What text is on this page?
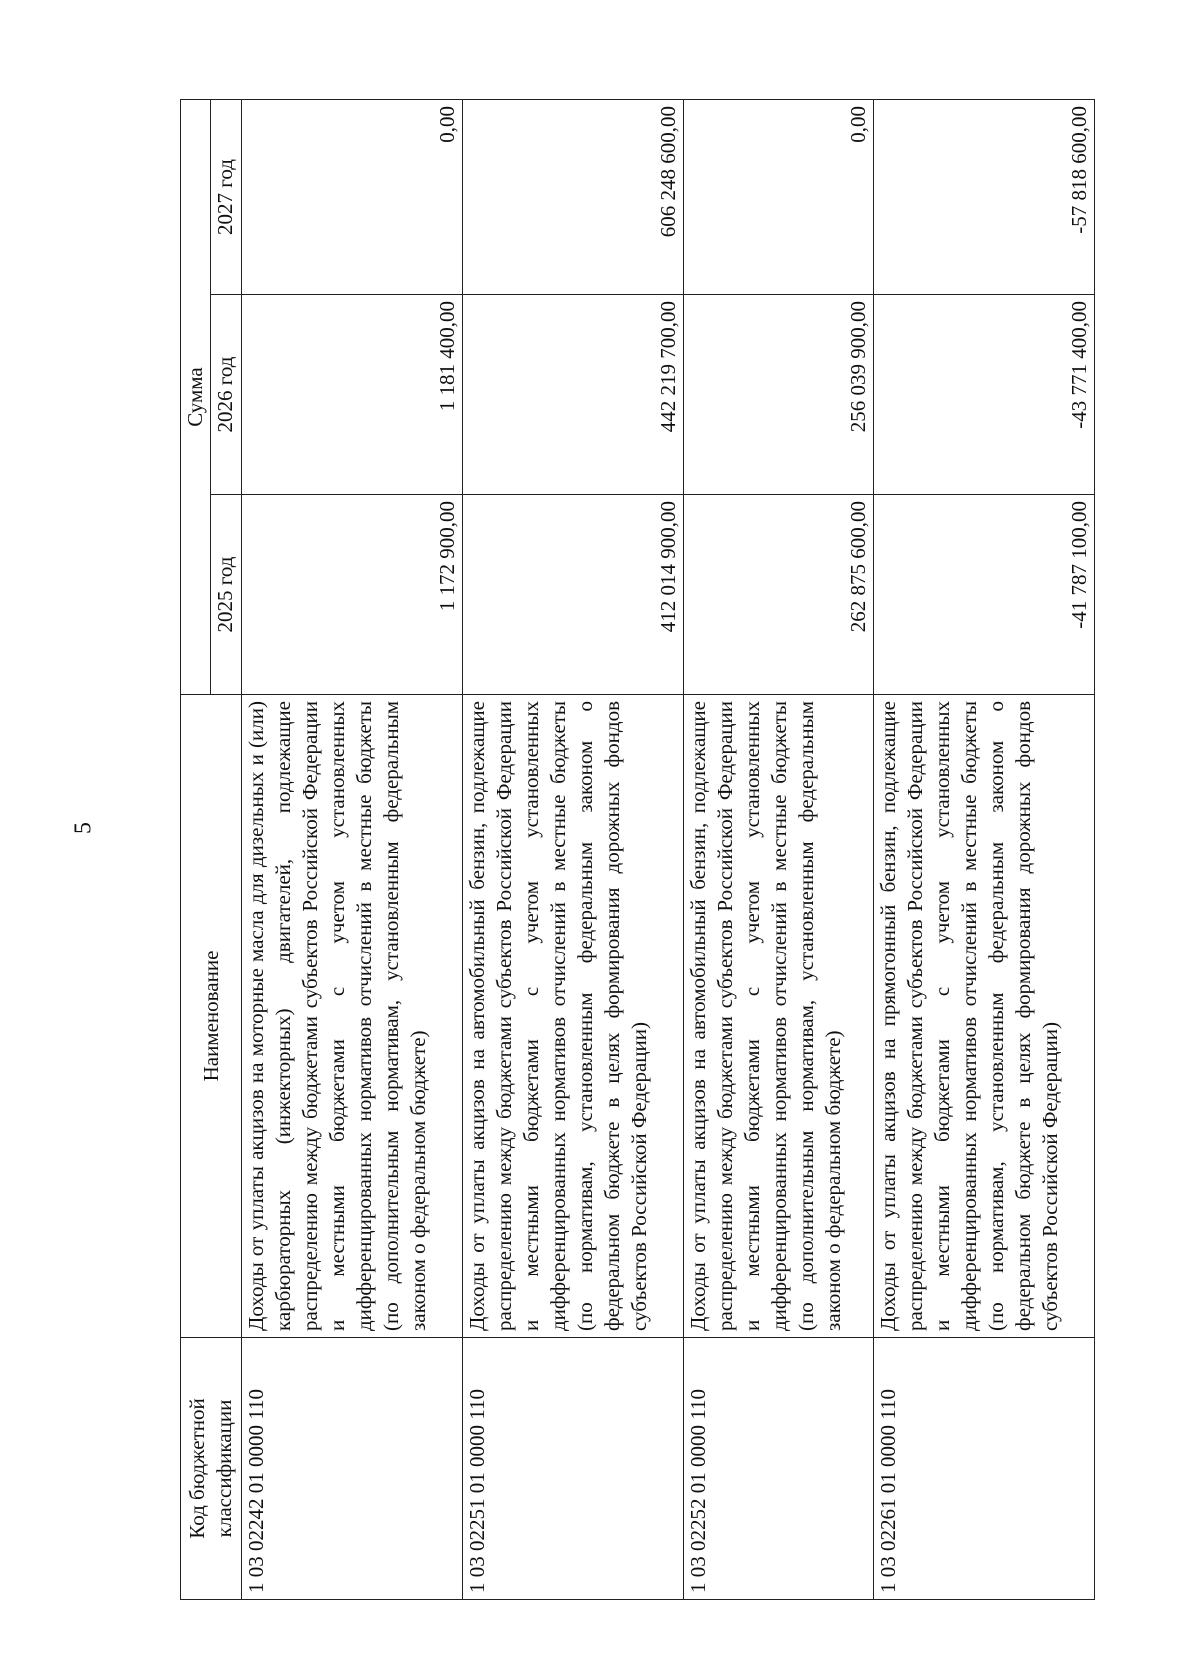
5
Код бюджетной классификации	Наименование	Сумма		
		2025 год	2026 год	2027 год
1 03 02242 01 0000 110	Доходы от уплаты акцизов на моторные масла для дизельных и (или) карбюраторных (инжекторных) двигателей, подлежащие распределению между бюджетами субъектов Российской Федерации и местными бюджетами с учетом установленных дифференцированных нормативов отчислений в местные бюджеты (по дополнительным нормативам, установленным федеральным законом о федеральном бюджете)	1 172 900,00	1 181 400,00	0,00
1 03 02251 01 0000 110	Доходы от уплаты акцизов на автомобильный бензин, подлежащие распределению между бюджетами субъектов Российской Федерации и местными бюджетами с учетом установленных дифференцированных нормативов отчислений в местные бюджеты (по нормативам, установленным федеральным законом о федеральном бюджете в целях формирования дорожных фондов субъектов Российской Федерации)	412 014 900,00	442 219 700,00	606 248 600,00
1 03 02252 01 0000 110	Доходы от уплаты акцизов на автомобильный бензин, подлежащие распределению между бюджетами субъектов Российской Федерации и местными бюджетами с учетом установленных дифференцированных нормативов отчислений в местные бюджеты (по дополнительным нормативам, установленным федеральным законом о федеральном бюджете)	262 875 600,00	256 039 900,00	0,00
1 03 02261 01 0000 110	Доходы от уплаты акцизов на прямогонный бензин, подлежащие распределению между бюджетами субъектов Российской Федерации и местными бюджетами с учетом установленных дифференцированных нормативов отчислений в местные бюджеты (по нормативам, установленным федеральным законом о федеральном бюджете в целях формирования дорожных фондов субъектов Российской Федерации)	-41 787 100,00	-43 771 400,00	-57 818 600,00
